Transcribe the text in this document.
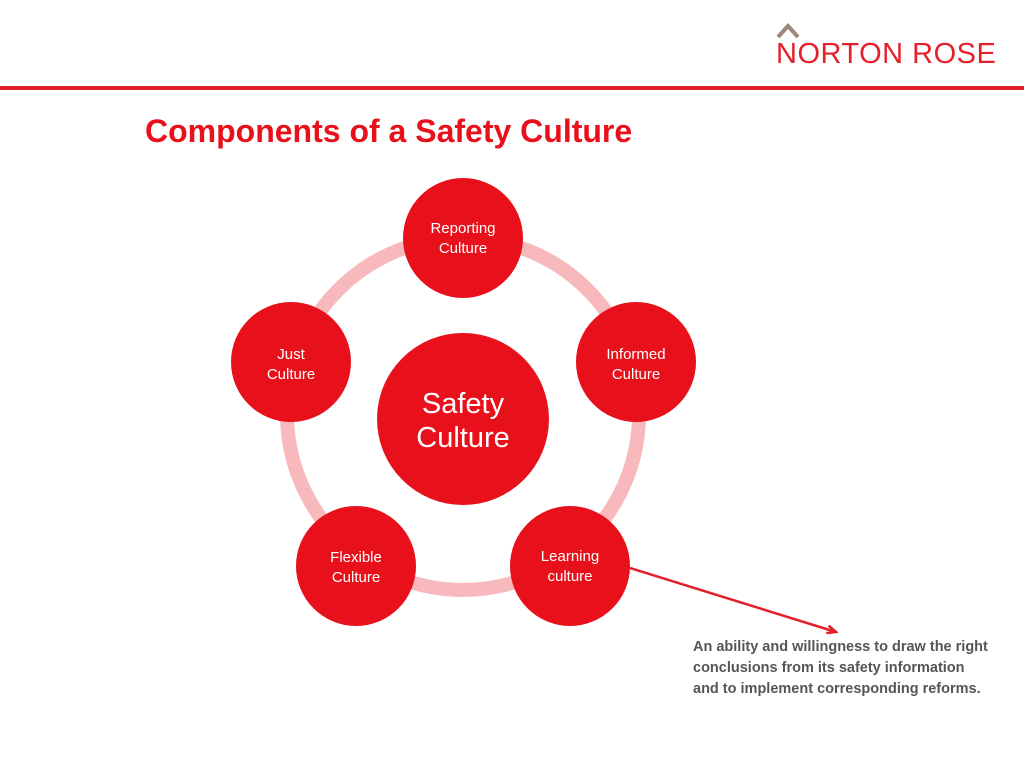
NORTON ROSE
Components of a Safety Culture
Safety
Culture
Reporting
Culture
Informed
Culture
Learning
culture
Flexible
Culture
Just
Culture

An ability and willingness to draw the right conclusions from its safety information and to implement corresponding reforms.
